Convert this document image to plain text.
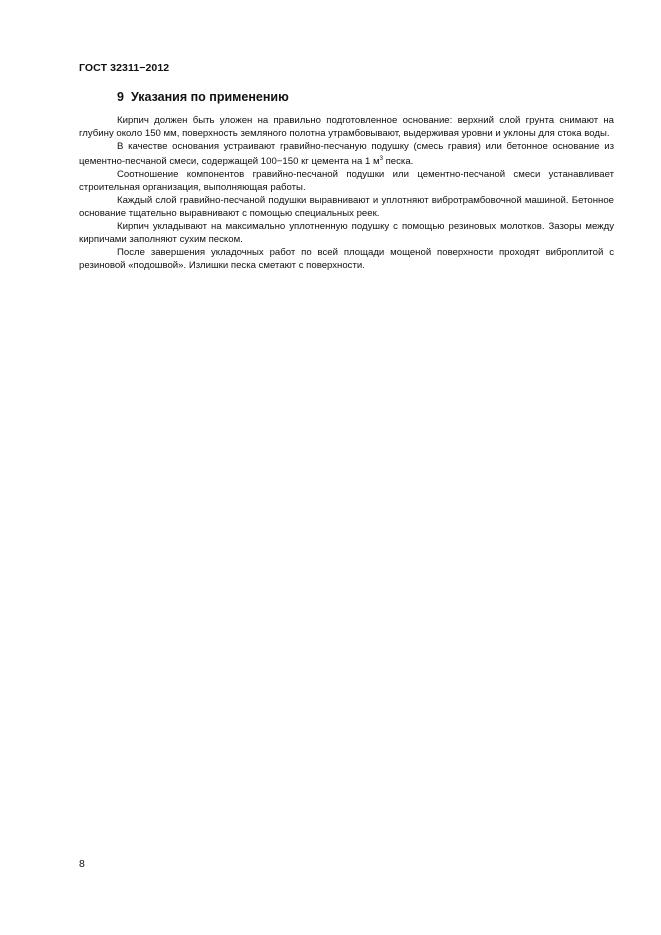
ГОСТ 32311−2012
9 Указания по применению

Кирпич должен быть уложен на правильно подготовленное основание: верхний слой грунта снимают на глубину около 150 мм, поверхность земляного полотна утрамбовывают, выдерживая уровни и уклоны для стока воды.

В качестве основания устраивают гравийно-песчаную подушку (смесь гравия) или бетонное основание из цементно-песчаной смеси, содержащей 100−150 кг цемента на 1 $м^3$ песка.

Соотношение компонентов гравийно-песчаной подушки или цементно-песчаной смеси устанавливает строительная организация, выполняющая работы.

Каждый слой гравийно-песчаной подушки выравнивают и уплотняют вибротрамбовочной машиной. Бетонное основание тщательно выравнивают с помощью специальных реек.

Кирпич укладывают на максимально уплотненную подушку с помощью резиновых молотков. Зазоры между кирпичами заполняют сухим песком.

После завершения укладочных работ по всей площади мощеной поверхности проходят виброплитой с резиновой «подошвой». Излишки песка сметают с поверхности.

8
